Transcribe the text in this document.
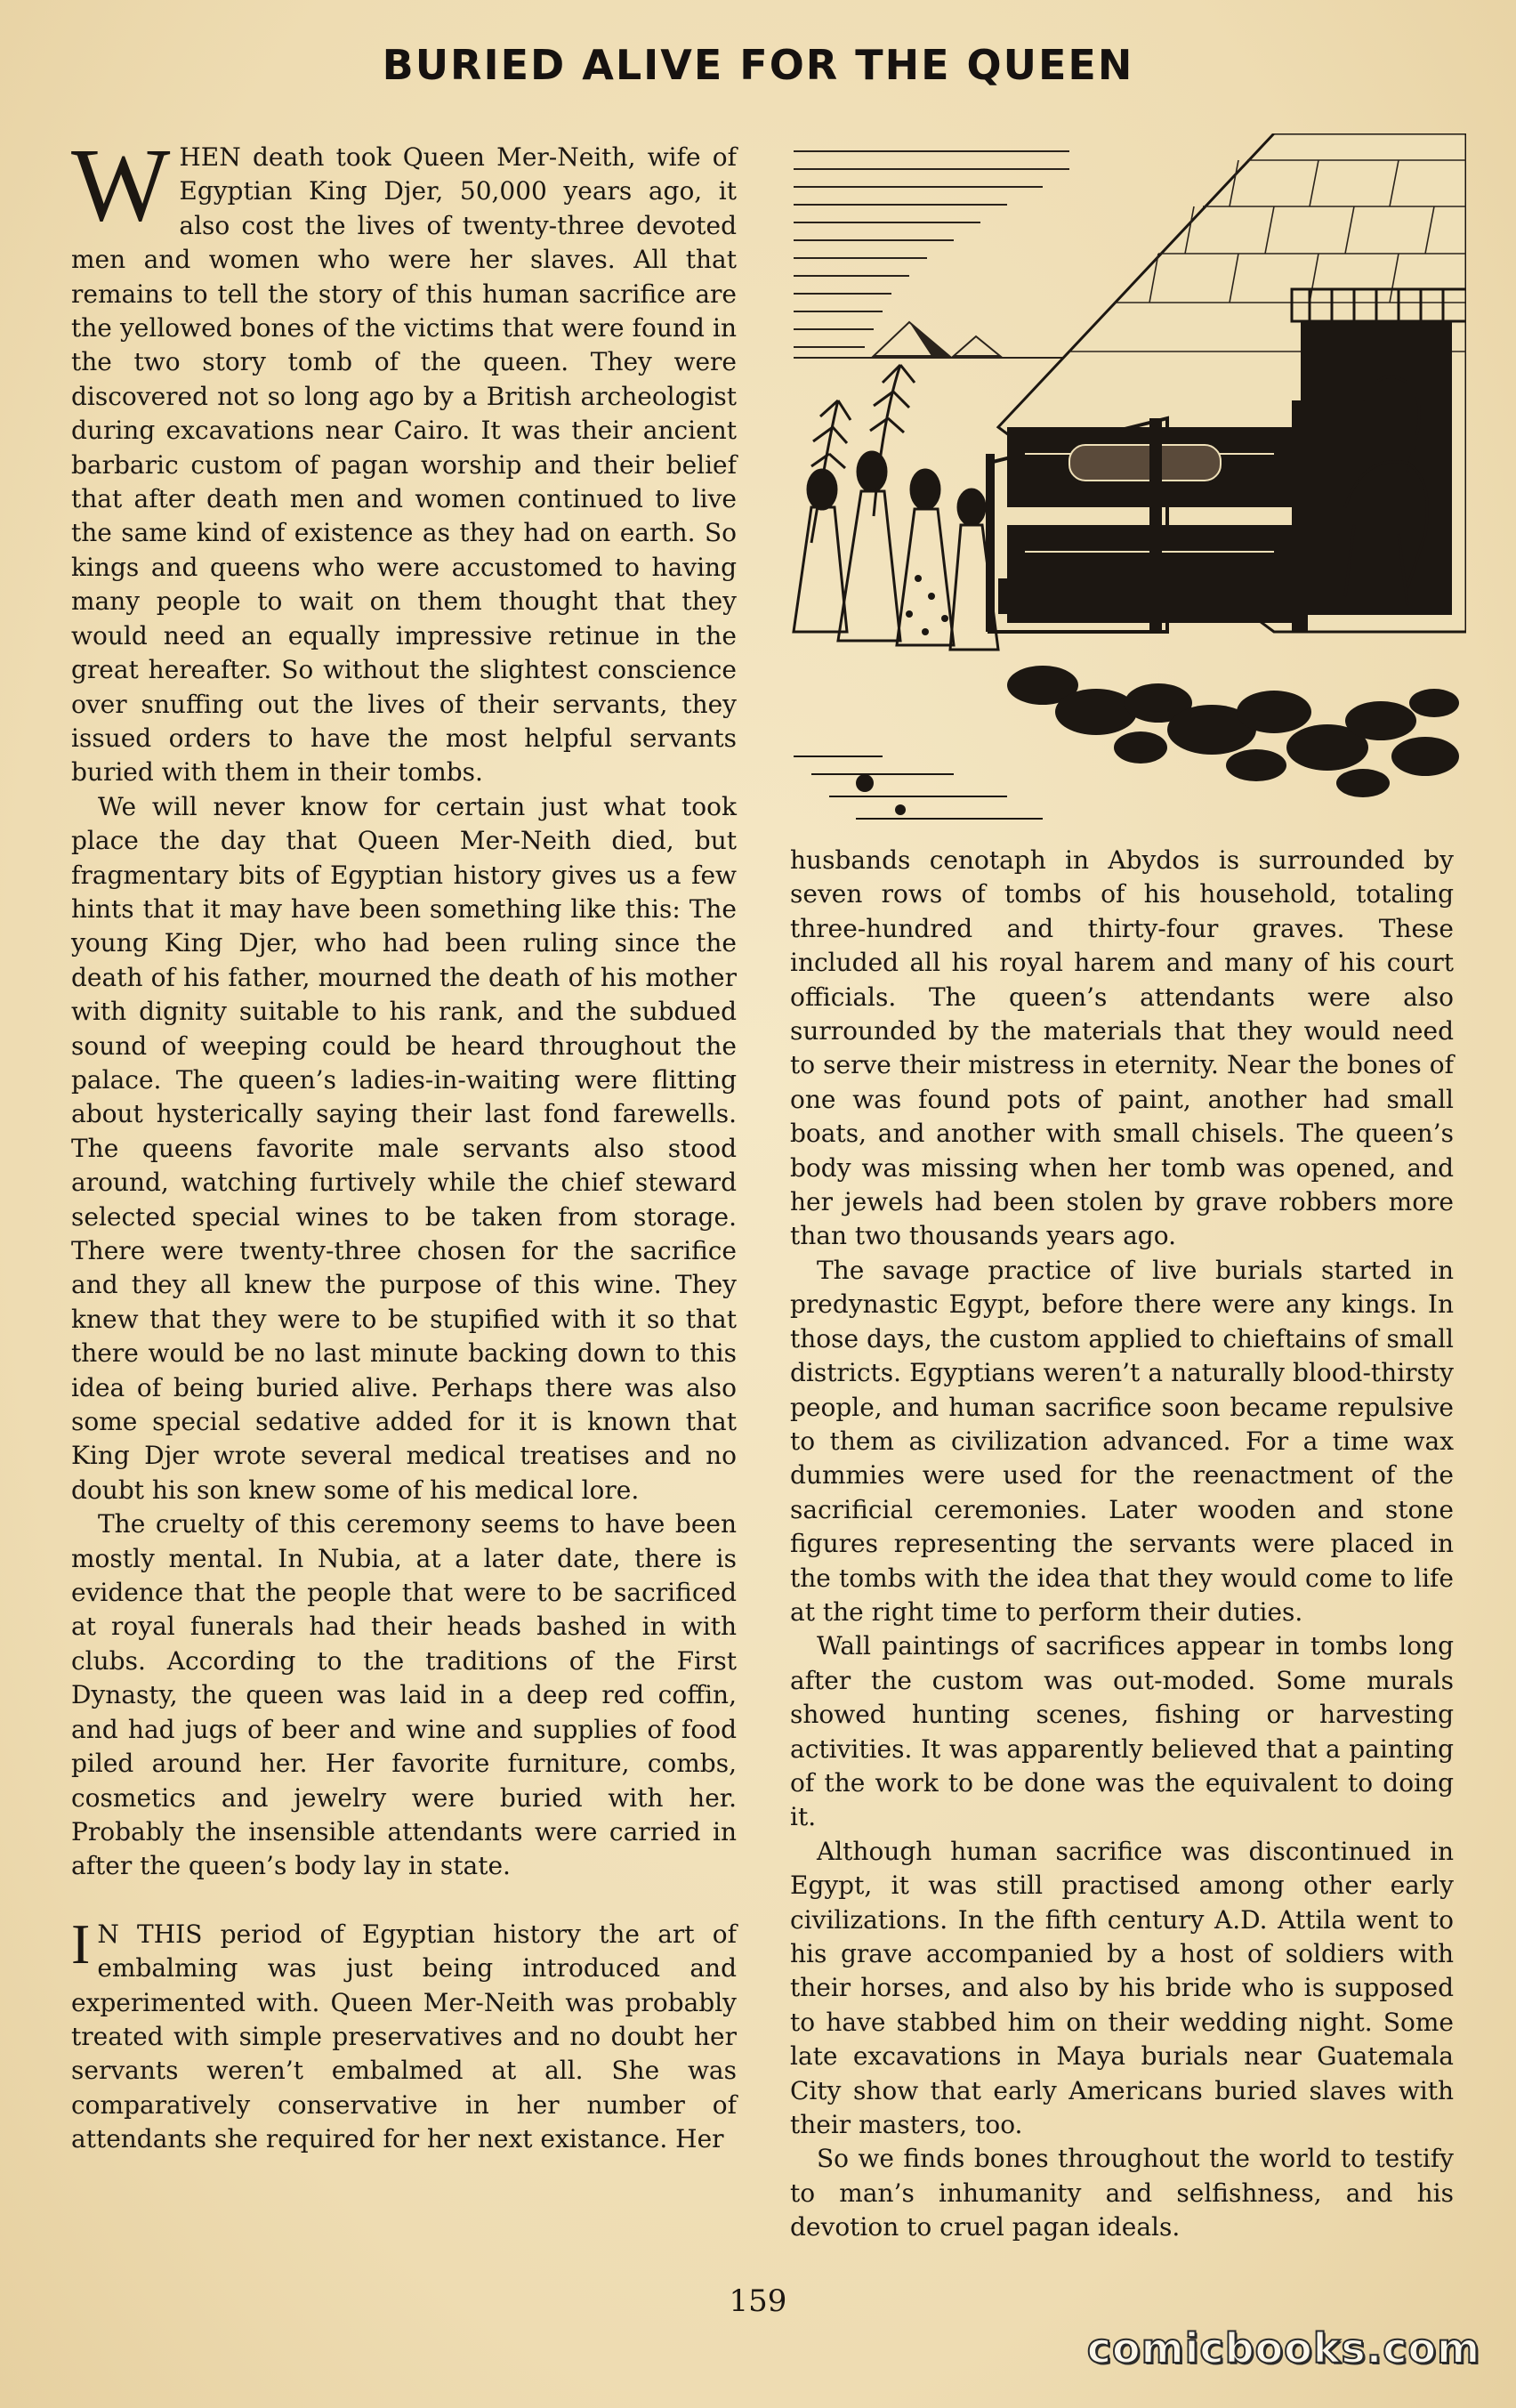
BURIED ALIVE FOR THE QUEEN

WHEN death took Queen Mer-Neith, wife of Egyptian King Djer, 50,000 years ago, it also cost the lives of twenty-three devoted men and women who were her slaves. All that remains to tell the story of this human sacrifice are the yellowed bones of the victims that were found in the two story tomb of the queen. They were discovered not so long ago by a British archeologist during excavations near Cairo. It was their ancient barbaric custom of pagan worship and their belief that after death men and women continued to live the same kind of existence as they had on earth. So kings and queens who were accustomed to having many people to wait on them thought that they would need an equally impressive retinue in the great hereafter. So without the slightest conscience over snuffing out the lives of their servants, they issued orders to have the most helpful servants buried with them in their tombs.

We will never know for certain just what took place the day that Queen Mer-Neith died, but fragmentary bits of Egyptian history gives us a few hints that it may have been something like this: The young King Djer, who had been ruling since the death of his father, mourned the death of his mother with dignity suitable to his rank, and the subdued sound of weeping could be heard throughout the palace. The queen’s ladies-in-waiting were flitting about hysterically saying their last fond farewells. The queens favorite male servants also stood around, watching furtively while the chief steward selected special wines to be taken from storage. There were twenty-three chosen for the sacrifice and they all knew the purpose of this wine. They knew that they were to be stupified with it so that there would be no last minute backing down to this idea of being buried alive. Perhaps there was also some special sedative added for it is known that King Djer wrote several medical treatises and no doubt his son knew some of his medical lore.

The cruelty of this ceremony seems to have been mostly mental. In Nubia, at a later date, there is evidence that the people that were to be sacrificed at royal funerals had their heads bashed in with clubs. According to the traditions of the First Dynasty, the queen was laid in a deep red coffin, and had jugs of beer and wine and supplies of food piled around her. Her favorite furniture, combs, cosmetics and jewelry were buried with her. Probably the insensible attendants were carried in after the queen’s body lay in state.

I N THIS period of Egyptian history the art of embalming was just being introduced and experimented with. Queen Mer-Neith was probably treated with simple preservatives and no doubt her servants weren’t embalmed at all. She was comparatively conservative in her number of attendants she required for her next existance. Her

husbands cenotaph in Abydos is surrounded by seven rows of tombs of his household, totaling three-hundred and thirty-four graves. These included all his royal harem and many of his court officials. The queen’s attendants were also surrounded by the materials that they would need to serve their mistress in eternity. Near the bones of one was found pots of paint, another had small boats, and another with small chisels. The queen’s body was missing when her tomb was opened, and her jewels had been stolen by grave robbers more than two thousands years ago.

The savage practice of live burials started in predynastic Egypt, before there were any kings. In those days, the custom applied to chieftains of small districts. Egyptians weren’t a naturally blood-thirsty people, and human sacrifice soon became repulsive to them as civilization advanced. For a time wax dummies were used for the reenactment of the sacrificial ceremonies. Later wooden and stone figures representing the servants were placed in the tombs with the idea that they would come to life at the right time to perform their duties.

Wall paintings of sacrifices appear in tombs long after the custom was out-moded. Some murals showed hunting scenes, fishing or harvesting activities. It was apparently believed that a painting of the work to be done was the equivalent to doing it.

Although human sacrifice was discontinued in Egypt, it was still practised among other early civilizations. In the fifth century A.D. Attila went to his grave accompanied by a host of soldiers with their horses, and also by his bride who is supposed to have stabbed him on their wedding night. Some late excavations in Maya burials near Guatemala City show that early Americans buried slaves with their masters, too.

So we finds bones throughout the world to testify to man’s inhumanity and selfishness, and his devotion to cruel pagan ideals.

159
comicbooks.com
